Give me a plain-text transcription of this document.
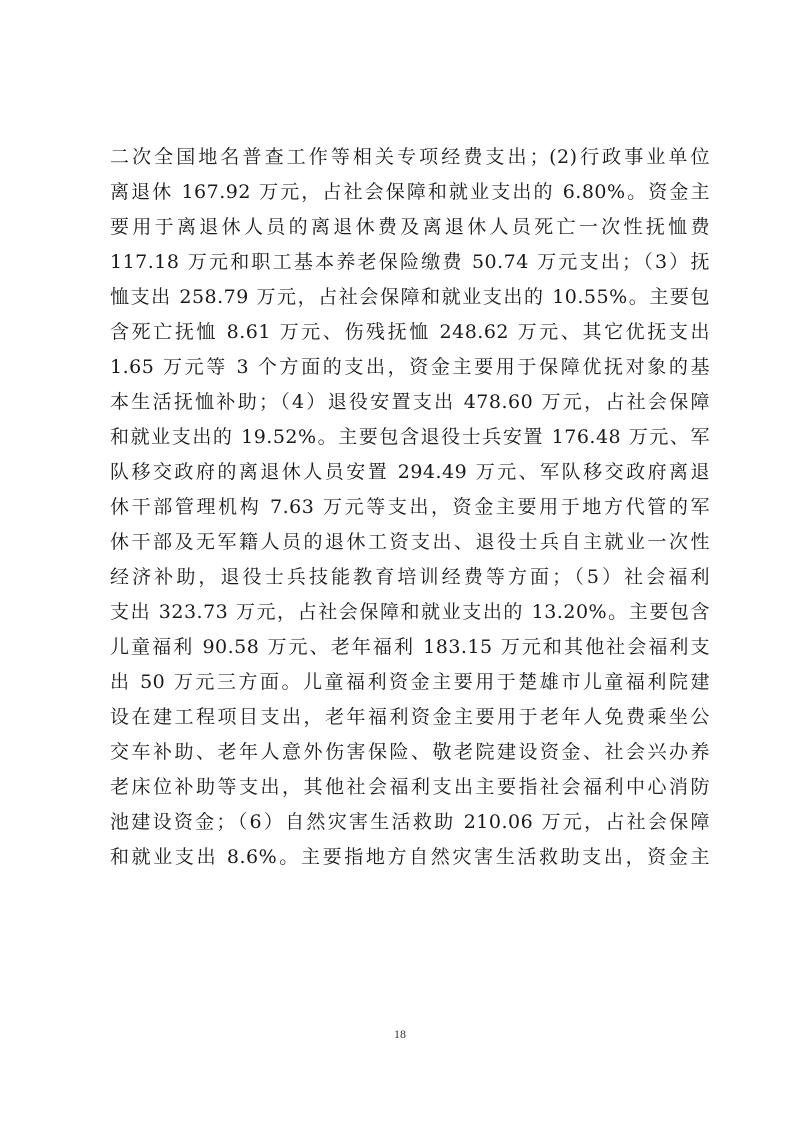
二次全国地名普查工作等相关专项经费支出；(2)行政事业单位
离退休 167.92 万元，占社会保障和就业支出的 6.80%。资金主
要用于离退休人员的离退休费及离退休人员死亡一次性抚恤费
117.18 万元和职工基本养老保险缴费 50.74 万元支出；（3）抚
恤支出 258.79 万元，占社会保障和就业支出的 10.55%。主要包
含死亡抚恤 8.61 万元、伤残抚恤 248.62 万元、其它优抚支出
1.65 万元等 3 个方面的支出，资金主要用于保障优抚对象的基
本生活抚恤补助；（4）退役安置支出 478.60 万元，占社会保障
和就业支出的 19.52%。主要包含退役士兵安置 176.48 万元、军
队移交政府的离退休人员安置 294.49 万元、军队移交政府离退
休干部管理机构 7.63 万元等支出，资金主要用于地方代管的军
休干部及无军籍人员的退休工资支出、退役士兵自主就业一次性
经济补助，退役士兵技能教育培训经费等方面；（5）社会福利
支出 323.73 万元，占社会保障和就业支出的 13.20%。主要包含
儿童福利 90.58 万元、老年福利 183.15 万元和其他社会福利支
出 50 万元三方面。儿童福利资金主要用于楚雄市儿童福利院建
设在建工程项目支出，老年福利资金主要用于老年人免费乘坐公
交车补助、老年人意外伤害保险、敬老院建设资金、社会兴办养
老床位补助等支出，其他社会福利支出主要指社会福利中心消防
池建设资金；（6）自然灾害生活救助 210.06 万元，占社会保障
和就业支出 8.6%。主要指地方自然灾害生活救助支出，资金主
18
